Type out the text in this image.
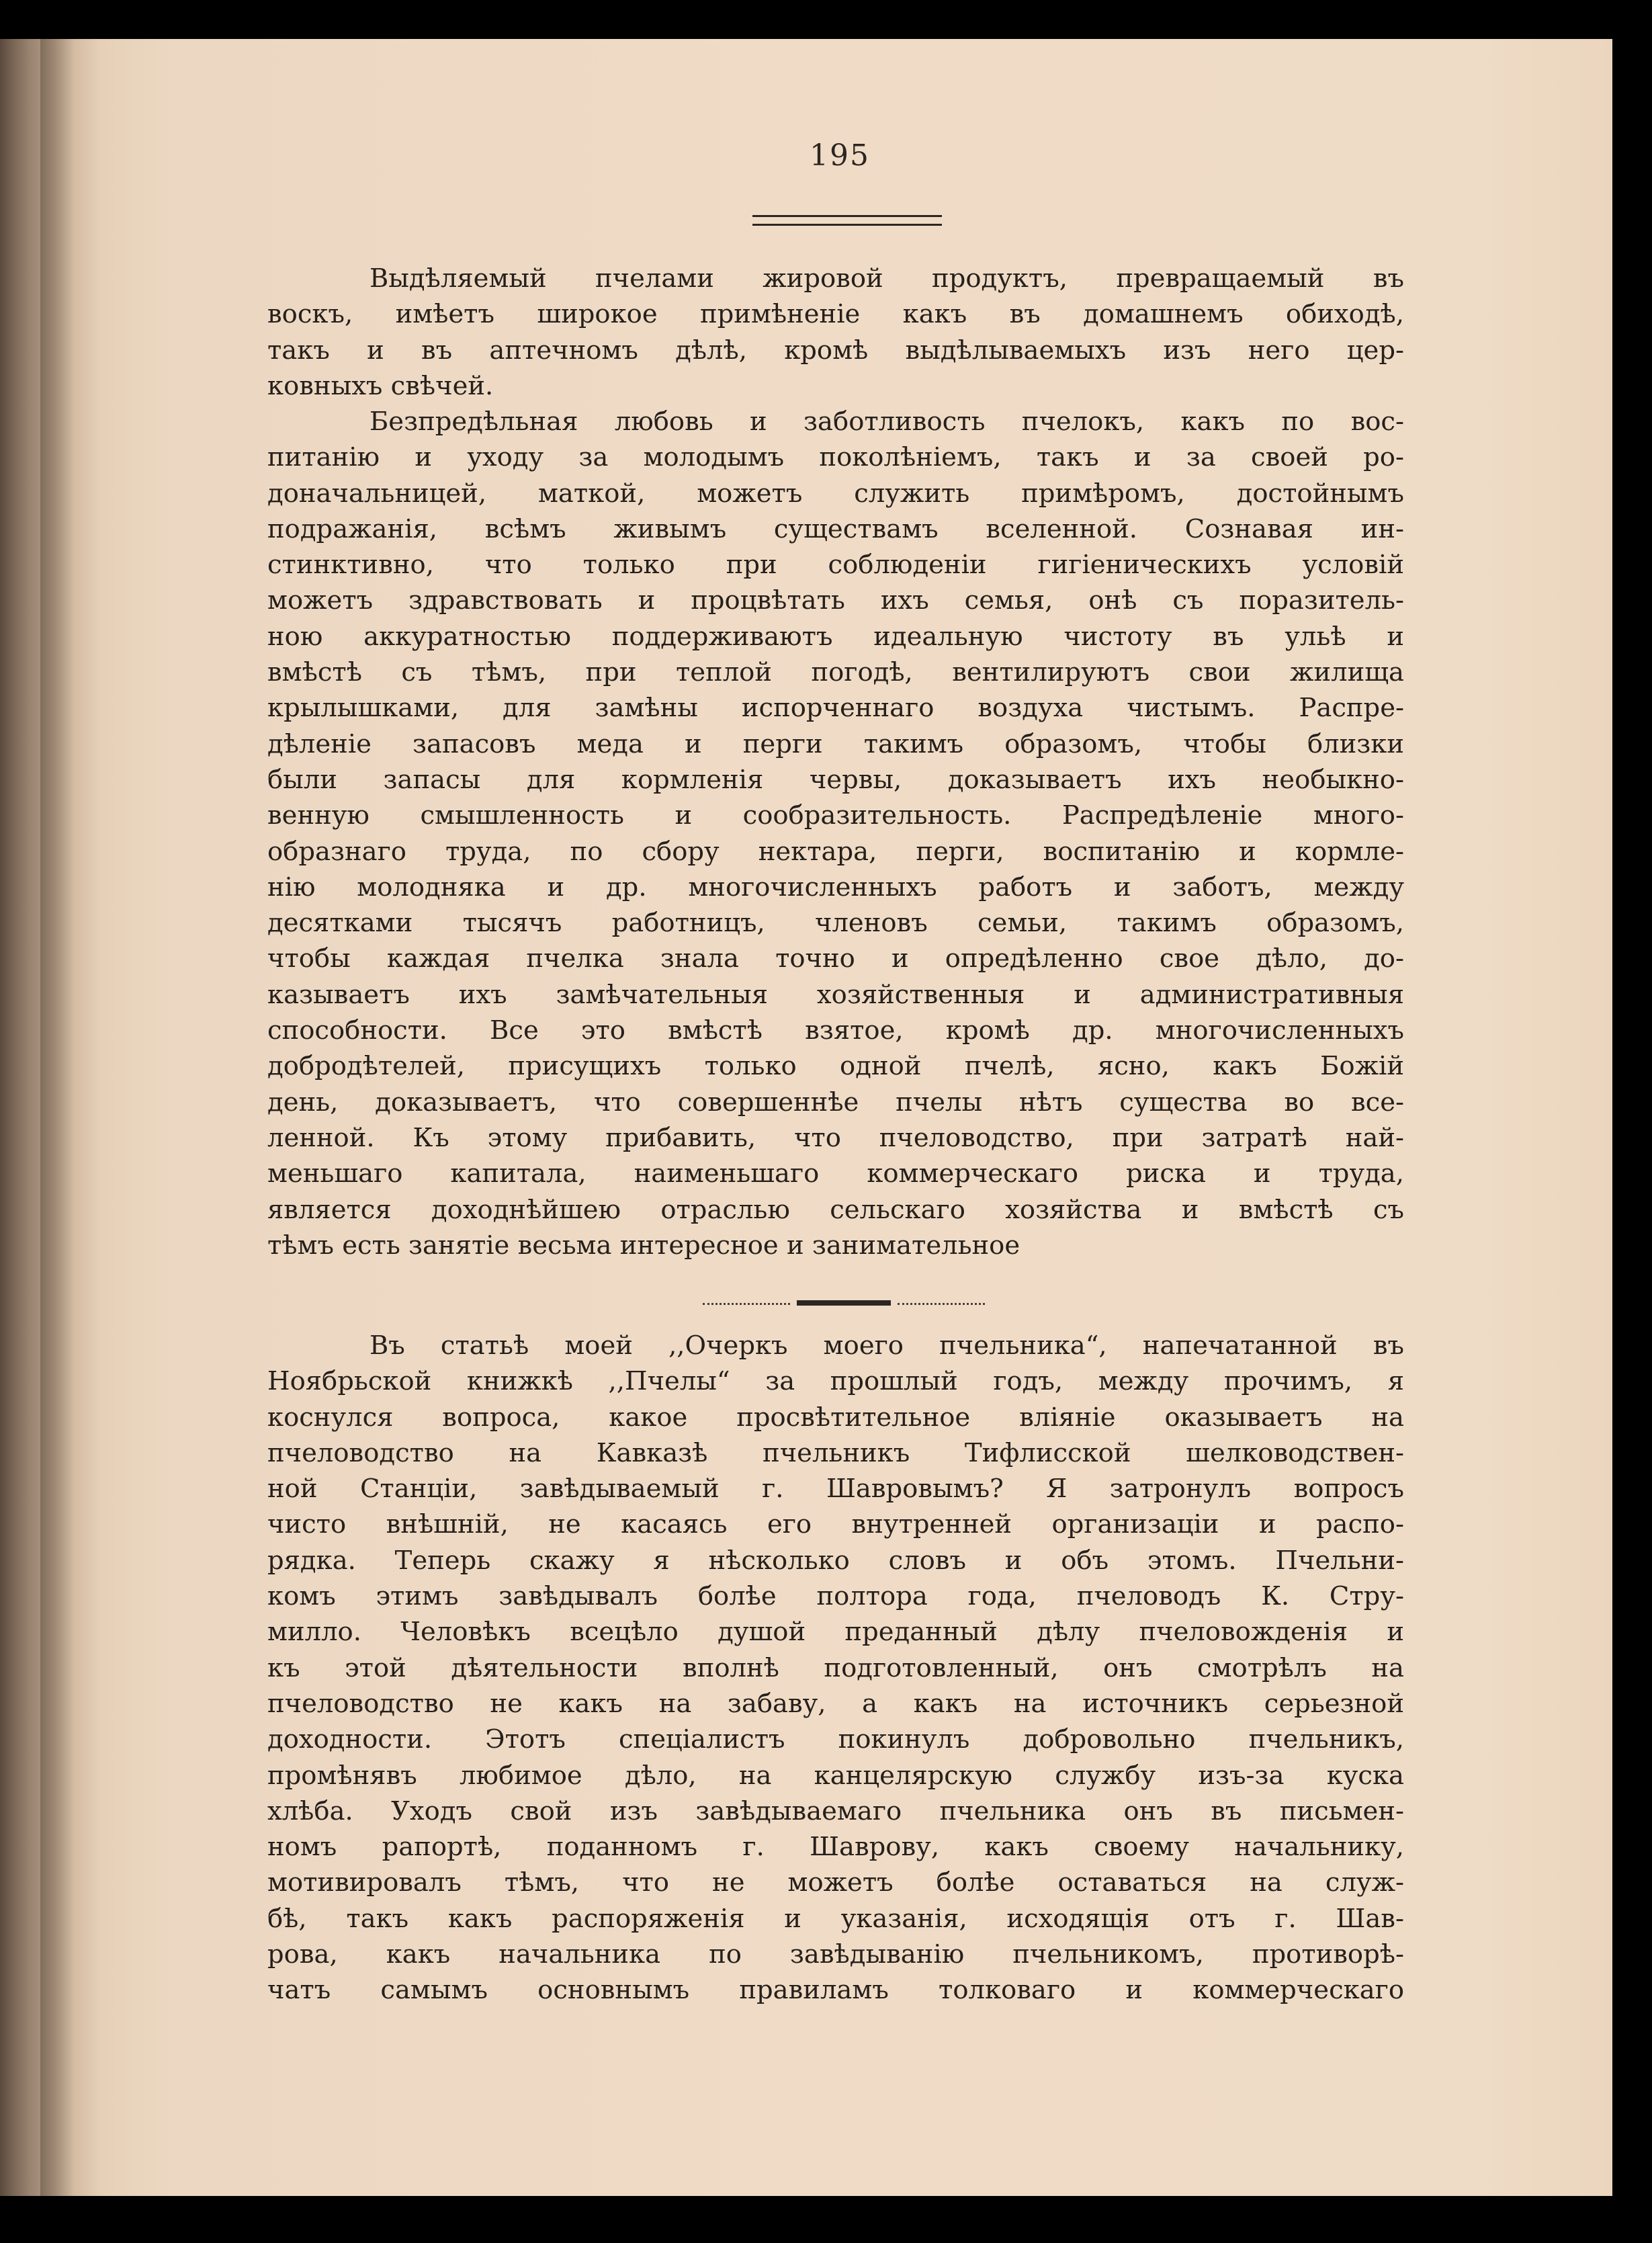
195
Выдѣляемый пчелами жировой продуктъ, превращаемый въ
воскъ, имѣетъ широкое примѣненіе какъ въ домашнемъ обиходѣ,
такъ и въ аптечномъ дѣлѣ, кромѣ выдѣлываемыхъ изъ него цер-
ковныхъ свѣчей.
Безпредѣльная любовь и заботливость пчелокъ, какъ по вос-
питанію и уходу за молодымъ поколѣніемъ, такъ и за своей ро-
доначальницей, маткой, можетъ служить примѣромъ, достойнымъ
подражанія, всѣмъ живымъ существамъ вселенной. Сознавая ин-
стинктивно, что только при соблюденіи гигіеническихъ условій
можетъ здравствовать и процвѣтать ихъ семья, онѣ съ поразитель-
ною аккуратностью поддерживаютъ идеальную чистоту въ ульѣ и
вмѣстѣ съ тѣмъ, при теплой погодѣ, вентилируютъ свои жилища
крылышками, для замѣны испорченнаго воздуха чистымъ. Распре-
дѣленіе запасовъ меда и перги такимъ образомъ, чтобы близки
были запасы для кормленія червы, доказываетъ ихъ необыкно-
венную смышленность и сообразительность. Распредѣленіе много-
образнаго труда, по сбору нектара, перги, воспитанію и кормле-
нію молодняка и др. многочисленныхъ работъ и заботъ, между
десятками тысячъ работницъ, членовъ семьи, такимъ образомъ,
чтобы каждая пчелка знала точно и опредѣленно свое дѣло, до-
казываетъ ихъ замѣчательныя хозяйственныя и административныя
способности. Все это вмѣстѣ взятое, кромѣ др. многочисленныхъ
добродѣтелей, присущихъ только одной пчелѣ, ясно, какъ Божій
день, доказываетъ, что совершеннѣе пчелы нѣтъ существа во все-
ленной. Къ этому прибавить, что пчеловодство, при затратѣ най-
меньшаго капитала, наименьшаго коммерческаго риска и труда,
является доходнѣйшею отраслью сельскаго хозяйства и вмѣстѣ съ
тѣмъ есть занятіе весьма интересное и занимательное
Въ статьѣ моей ,,Очеркъ моего пчельника“, напечатанной въ
Ноябрьской книжкѣ ,,Пчелы“ за прошлый годъ, между прочимъ, я
коснулся вопроса, какое просвѣтительное вліяніе оказываетъ на
пчеловодство на Кавказѣ пчельникъ Тифлисской шелководствен-
ной Станціи, завѣдываемый г. Шавровымъ? Я затронулъ вопросъ
чисто внѣшній, не касаясь его внутренней организаціи и распо-
рядка. Теперь скажу я нѣсколько словъ и объ этомъ. Пчельни-
комъ этимъ завѣдывалъ болѣе полтора года, пчеловодъ К. Стру-
милло. Человѣкъ всецѣло душой преданный дѣлу пчеловожденія и
къ этой дѣятельности вполнѣ подготовленный, онъ смотрѣлъ на
пчеловодство не какъ на забаву, а какъ на источникъ серьезной
доходности. Этотъ спеціалистъ покинулъ добровольно пчельникъ,
промѣнявъ любимое дѣло, на канцелярскую службу изъ-за куска
хлѣба. Уходъ свой изъ завѣдываемаго пчельника онъ въ письмен-
номъ рапортѣ, поданномъ г. Шаврову, какъ своему начальнику,
мотивировалъ тѣмъ, что не можетъ болѣе оставаться на служ-
бѣ, такъ какъ распоряженія и указанія, исходящія отъ г. Шав-
рова, какъ начальника по завѣдыванію пчельникомъ, противорѣ-
чатъ самымъ основнымъ правиламъ толковаго и коммерческаго
